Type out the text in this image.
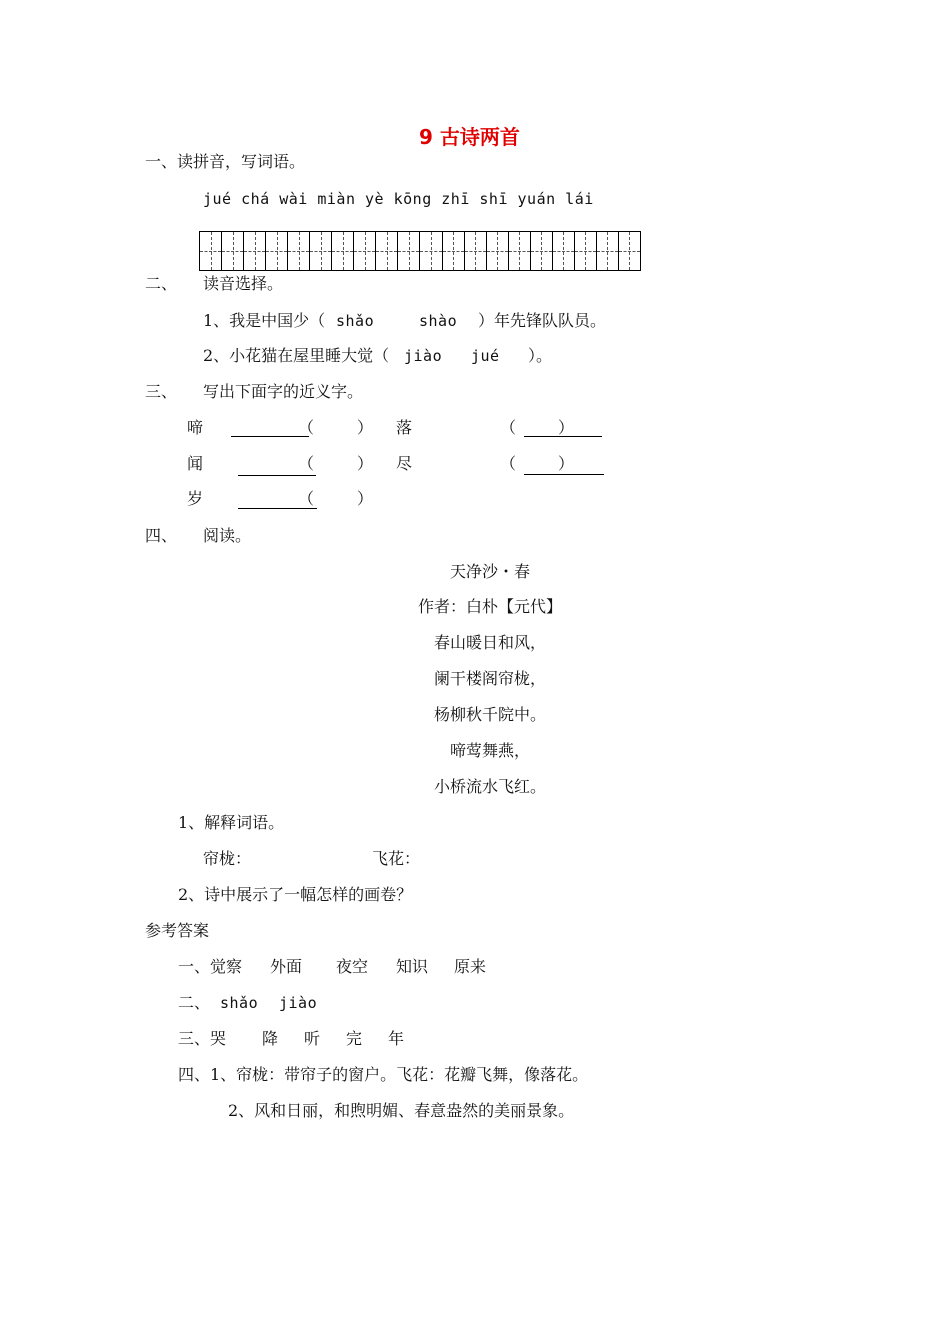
9 古诗两首
一、读拼音，写词语。
jué chá wài miàn yè kōng zhī shī yuán lái
二、 读音选择。
1、我是中国少（ shǎo	shào ）年先锋队队员。
2、小花猫在屋里睡大觉（ jiào jué ）。
三、 写出下面字的近义字。
啼	（	） 落	（	）
闻	（	） 尽	（	）
岁	（	）
四、 阅读。
天净沙・春
作者：白朴【元代】
春山暖日和风，
阑干楼阁帘栊，
杨柳秋千院中。
啼莺舞燕，
小桥流水飞红。
1、解释词语。
帘栊：	飞花：
2、诗中展示了一幅怎样的画卷？
参考答案
一、觉察 外面 夜空 知识 原来
二、 shǎo jiào
三、哭 降 听 完 年
四、1、帘栊：带帘子的窗户。飞花：花瓣飞舞，像落花。
2、风和日丽，和煦明媚、春意盎然的美丽景象。
